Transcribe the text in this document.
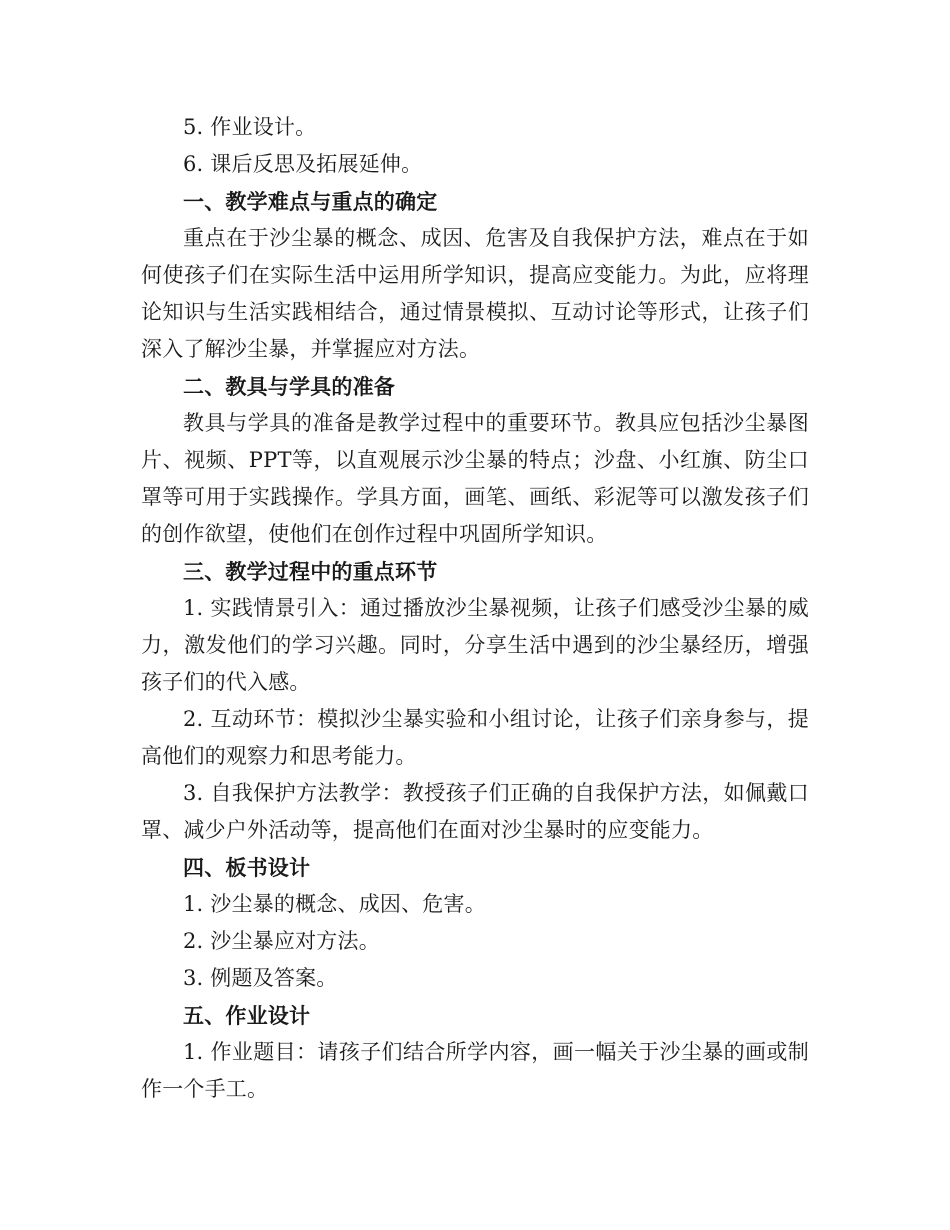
5. 作业设计。

6. 课后反思及拓展延伸。

一、教学难点与重点的确定

重点在于沙尘暴的概念、成因、危害及自我保护方法，难点在于如何使孩子们在实际生活中运用所学知识，提高应变能力。为此，应将理论知识与生活实践相结合，通过情景模拟、互动讨论等形式，让孩子们深入了解沙尘暴，并掌握应对方法。

二、教具与学具的准备

教具与学具的准备是教学过程中的重要环节。教具应包括沙尘暴图片、视频、PPT等，以直观展示沙尘暴的特点；沙盘、小红旗、防尘口罩等可用于实践操作。学具方面，画笔、画纸、彩泥等可以激发孩子们的创作欲望，使他们在创作过程中巩固所学知识。

三、教学过程中的重点环节

1. 实践情景引入：通过播放沙尘暴视频，让孩子们感受沙尘暴的威力，激发他们的学习兴趣。同时，分享生活中遇到的沙尘暴经历，增强孩子们的代入感。

2. 互动环节：模拟沙尘暴实验和小组讨论，让孩子们亲身参与，提高他们的观察力和思考能力。

3. 自我保护方法教学：教授孩子们正确的自我保护方法，如佩戴口罩、减少户外活动等，提高他们在面对沙尘暴时的应变能力。

四、板书设计

1. 沙尘暴的概念、成因、危害。

2. 沙尘暴应对方法。

3. 例题及答案。

五、作业设计

1. 作业题目：请孩子们结合所学内容，画一幅关于沙尘暴的画或制作一个手工。
